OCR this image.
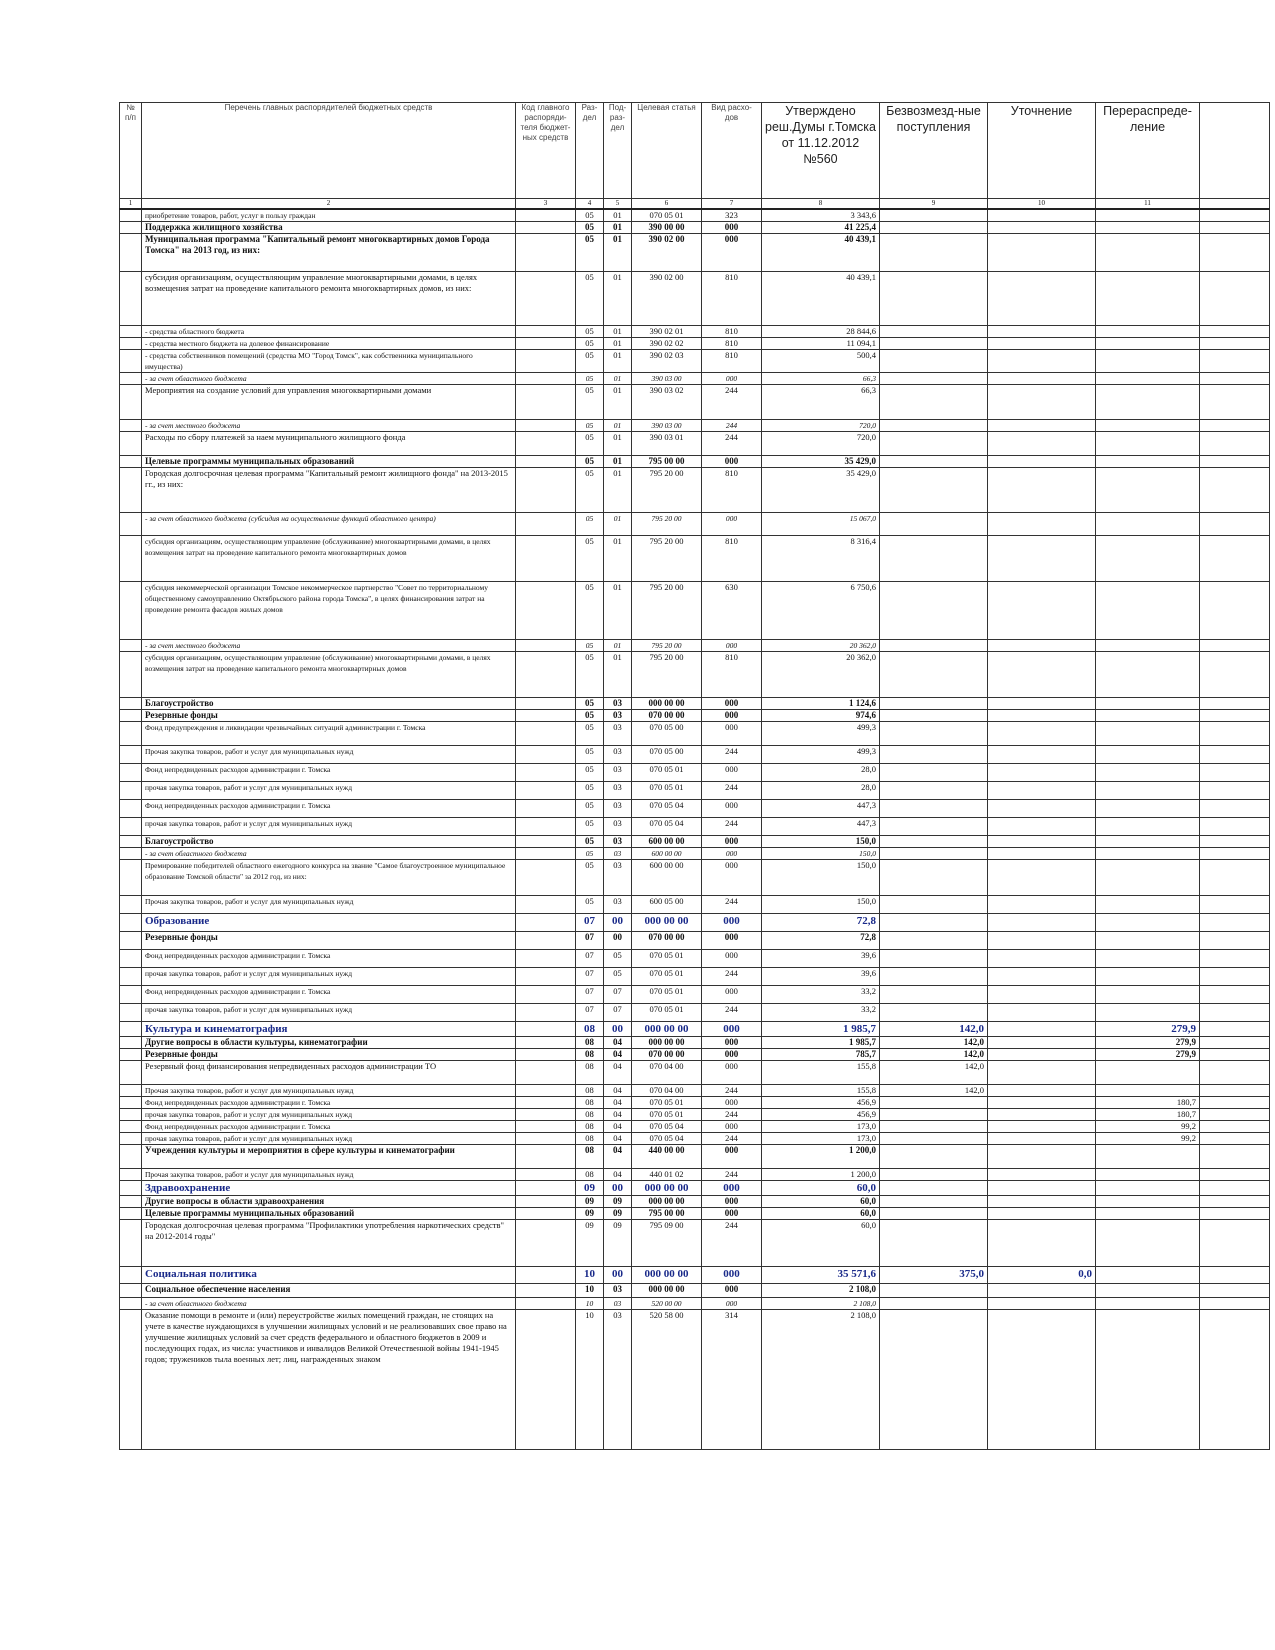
№ п/п	Перечень главных распорядителей бюджетных средств	Код главного распоряди-теля бюджет-ных средств	Раз-дел	Под-раз-дел	Целевая статья	Вид расхо-дов	Утверждено реш.Думы г.Томска от 11.12.2012 №560	Безвозмезд-ные поступления	Уточнение	Перераспреде-ление	
1	2	3	4	5	6	7	8	9	10	11	
	приобретение товаров, работ, услуг в пользу граждан		05	01	070 05 01	323	3 343,6				
	Поддержка жилищного хозяйства		05	01	390 00 00	000	41 225,4				
	Муниципальная программа "Капитальный ремонт многоквартирных домов Города Томска" на 2013 год, из них:		05	01	390 02 00	000	40 439,1				
	субсидия организациям, осуществляющим управление многоквартирными домами, в целях возмещения затрат на проведение капитального ремонта многоквартирных домов, из них:		05	01	390 02 00	810	40 439,1				
	- средства областного бюджета		05	01	390 02 01	810	28 844,6				
	- средства местного бюджета на долевое финансирование		05	01	390 02 02	810	11 094,1				
	- средства собственников помещений (средства МО "Город Томск", как собственника муниципального имущества)		05	01	390 02 03	810	500,4				
	- за счет областного бюджета		05	01	390 03 00	000	66,3				
	Мероприятия на создание условий для управления многоквартирными домами		05	01	390 03 02	244	66,3				
	- за счет местного бюджета		05	01	390 03 00	244	720,0				
	Расходы по сбору платежей за наем муниципального жилищного фонда		05	01	390 03 01	244	720,0				
	Целевые программы муниципальных образований		05	01	795 00 00	000	35 429,0				
	Городская долгосрочная целевая программа "Капитальный ремонт жилищного фонда" на 2013-2015 гг., из них:		05	01	795 20 00	810	35 429,0				
	- за счет областного бюджета (субсидия на осуществление функций областного центра)		05	01	795 20 00	000	15 067,0				
	субсидия организациям, осуществляющим управление (обслуживание) многоквартирными домами, в целях возмещения затрат на проведение капитального ремонта многоквартирных домов		05	01	795 20 00	810	8 316,4				
	субсидия некоммерческой организации Томское некоммерческое партнерство "Совет по территориальному общественному самоуправлению Октябрьского района города Томска", в целях финансирования затрат на проведение ремонта фасадов жилых домов		05	01	795 20 00	630	6 750,6				
	- за счет местного бюджета		05	01	795 20 00	000	20 362,0				
	субсидия организациям, осуществляющим управление (обслуживание) многоквартирными домами, в целях возмещения затрат на проведение капитального ремонта многоквартирных домов		05	01	795 20 00	810	20 362,0				
	Благоустройство		05	03	000 00 00	000	1 124,6				
	Резервные фонды		05	03	070 00 00	000	974,6				
	Фонд предупреждения и ликвидации чрезвычайных ситуаций администрации г. Томска		05	03	070 05 00	000	499,3				
	Прочая закупка товаров, работ и услуг для муниципальных нужд		05	03	070 05 00	244	499,3				
	Фонд непредвиденных расходов администрации г. Томска		05	03	070 05 01	000	28,0				
	прочая закупка товаров, работ и услуг для муниципальных нужд		05	03	070 05 01	244	28,0				
	Фонд непредвиденных расходов администрации г. Томска		05	03	070 05 04	000	447,3				
	прочая закупка товаров, работ и услуг для муниципальных нужд		05	03	070 05 04	244	447,3				
	Благоустройство		05	03	600 00 00	000	150,0				
	- за счет областного бюджета		05	03	600 00 00	000	150,0				
	Премирование победителей областного ежегодного конкурса на звание "Самое благоустроенное муниципальное образование Томской области" за 2012 год, из них:		05	03	600 00 00	000	150,0				
	Прочая закупка товаров, работ и услуг для муниципальных нужд		05	03	600 05 00	244	150,0				
	Образование		07	00	000 00 00	000	72,8				
	Резервные фонды		07	00	070 00 00	000	72,8				
	Фонд непредвиденных расходов администрации г. Томска		07	05	070 05 01	000	39,6				
	прочая закупка товаров, работ и услуг для муниципальных нужд		07	05	070 05 01	244	39,6				
	Фонд непредвиденных расходов администрации г. Томска		07	07	070 05 01	000	33,2				
	прочая закупка товаров, работ и услуг для муниципальных нужд		07	07	070 05 01	244	33,2				
	Культура и кинематография		08	00	000 00 00	000	1 985,7	142,0		279,9	
	Другие вопросы в области культуры, кинематографии		08	04	000 00 00	000	1 985,7	142,0		279,9	
	Резервные фонды		08	04	070 00 00	000	785,7	142,0		279,9	
	Резервный фонд финансирования непредвиденных расходов администрации ТО		08	04	070 04 00	000	155,8	142,0			
	Прочая закупка товаров, работ и услуг для муниципальных нужд		08	04	070 04 00	244	155,8	142,0			
	Фонд непредвиденных расходов администрации г. Томска		08	04	070 05 01	000	456,9			180,7	
	прочая закупка товаров, работ и услуг для муниципальных нужд		08	04	070 05 01	244	456,9			180,7	
	Фонд непредвиденных расходов администрации г. Томска		08	04	070 05 04	000	173,0			99,2	
	прочая закупка товаров, работ и услуг для муниципальных нужд		08	04	070 05 04	244	173,0			99,2	
	Учреждения культуры и мероприятия в сфере культуры и кинематографии		08	04	440 00 00	000	1 200,0				
	Прочая закупка товаров, работ и услуг для муниципальных нужд		08	04	440 01 02	244	1 200,0				
	Здравоохранение		09	00	000 00 00	000	60,0				
	Другие вопросы в области здравоохранения		09	09	000 00 00	000	60,0				
	Целевые программы муниципальных образований		09	09	795 00 00	000	60,0				
	Городская долгосрочная целевая программа "Профилактики употребления наркотических средств" на 2012-2014 годы"		09	09	795 09 00	244	60,0				
	Социальная политика		10	00	000 00 00	000	35 571,6	375,0	0,0		
	Социальное обеспечение населения		10	03	000 00 00	000	2 108,0				
	- за счет областного бюджета		10	03	520 00 00	000	2 108,0				
	Оказание помощи в ремонте и (или) переустройстве жилых помещений граждан, не стоящих на учете в качестве нуждающихся в улучшении жилищных условий и не реализовавших свое право на улучшение жилищных условий за счет средств федерального и областного бюджетов в 2009 и последующих годах, из числа: участников и инвалидов Великой Отечественной войны 1941-1945 годов; тружеников тыла военных лет; лиц, награжденных знаком		10	03	520 58 00	314	2 108,0				
